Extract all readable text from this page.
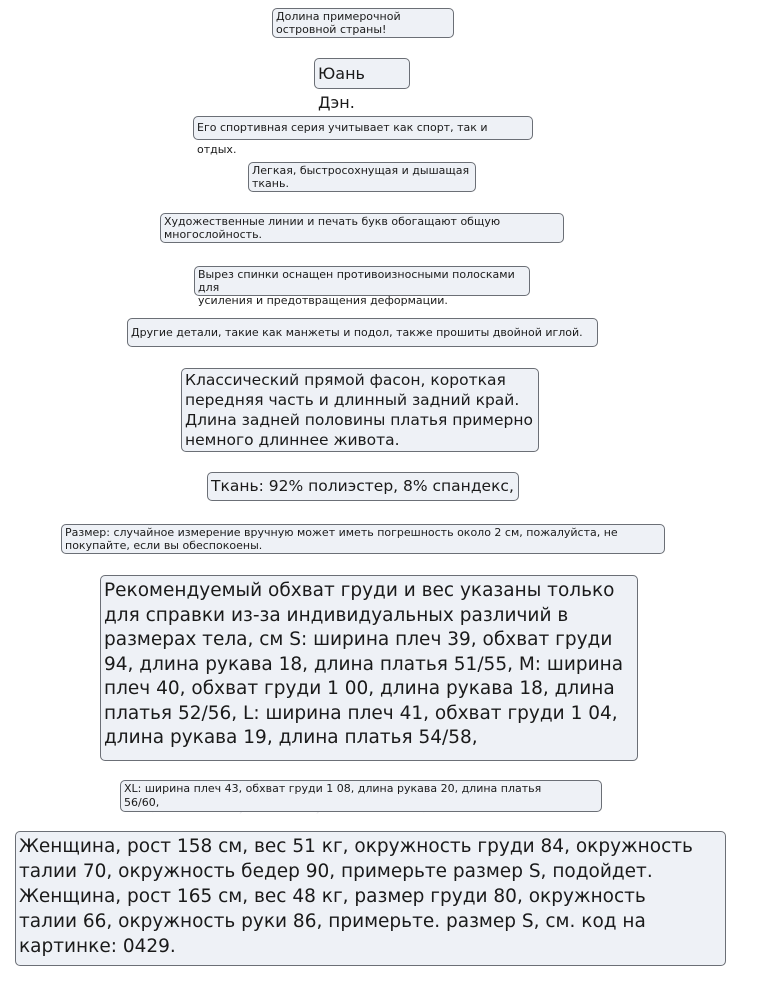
Долина примерочной
островной страны!
Юань Дэн.
Его спортивная серия учитывает как спорт, так и отдых.
Легкая, быстросохнущая и дышащая
ткань.
Художественные линии и печать букв обогащают общую
многослойность.
Вырез спинки оснащен противоизносными полосками для
усиления и предотвращения деформации.
Другие детали, такие как манжеты и подол, также прошиты двойной иглой.
Классический прямой фасон, короткая
передняя часть и длинный задний край.
Длина задней половины платья примерно
немного длиннее живота.
Ткань: 92% полиэстер, 8% спандекс,
Размер: случайное измерение вручную может иметь погрешность около 2 см, пожалуйста, не
покупайте, если вы обеспокоены.
Рекомендуемый обхват груди и вес указаны только
для справки из-за индивидуальных различий в
размерах тела, см S: ширина плеч 39, обхват груди
94, длина рукава 18, длина платья 51/55, M: ширина
плеч 40, обхват груди 1 00, длина рукава 18, длина
платья 52/56, L: ширина плеч 41, обхват груди 1 04,
длина рукава 19, длина платья 54/58,
XL: ширина плеч 43, обхват груди 1 08, длина рукава 20, длина платья
56/60,
Женщина, рост 158 см, вес 51 кг, окружность груди 84, окружность
талии 70, окружность бедер 90, примерьте размер S, подойдет.
Женщина, рост 165 см, вес 48 кг, размер груди 80, окружность
талии 66, окружность руки 86, примерьте. размер S, см. код на
картинке: 0429.
